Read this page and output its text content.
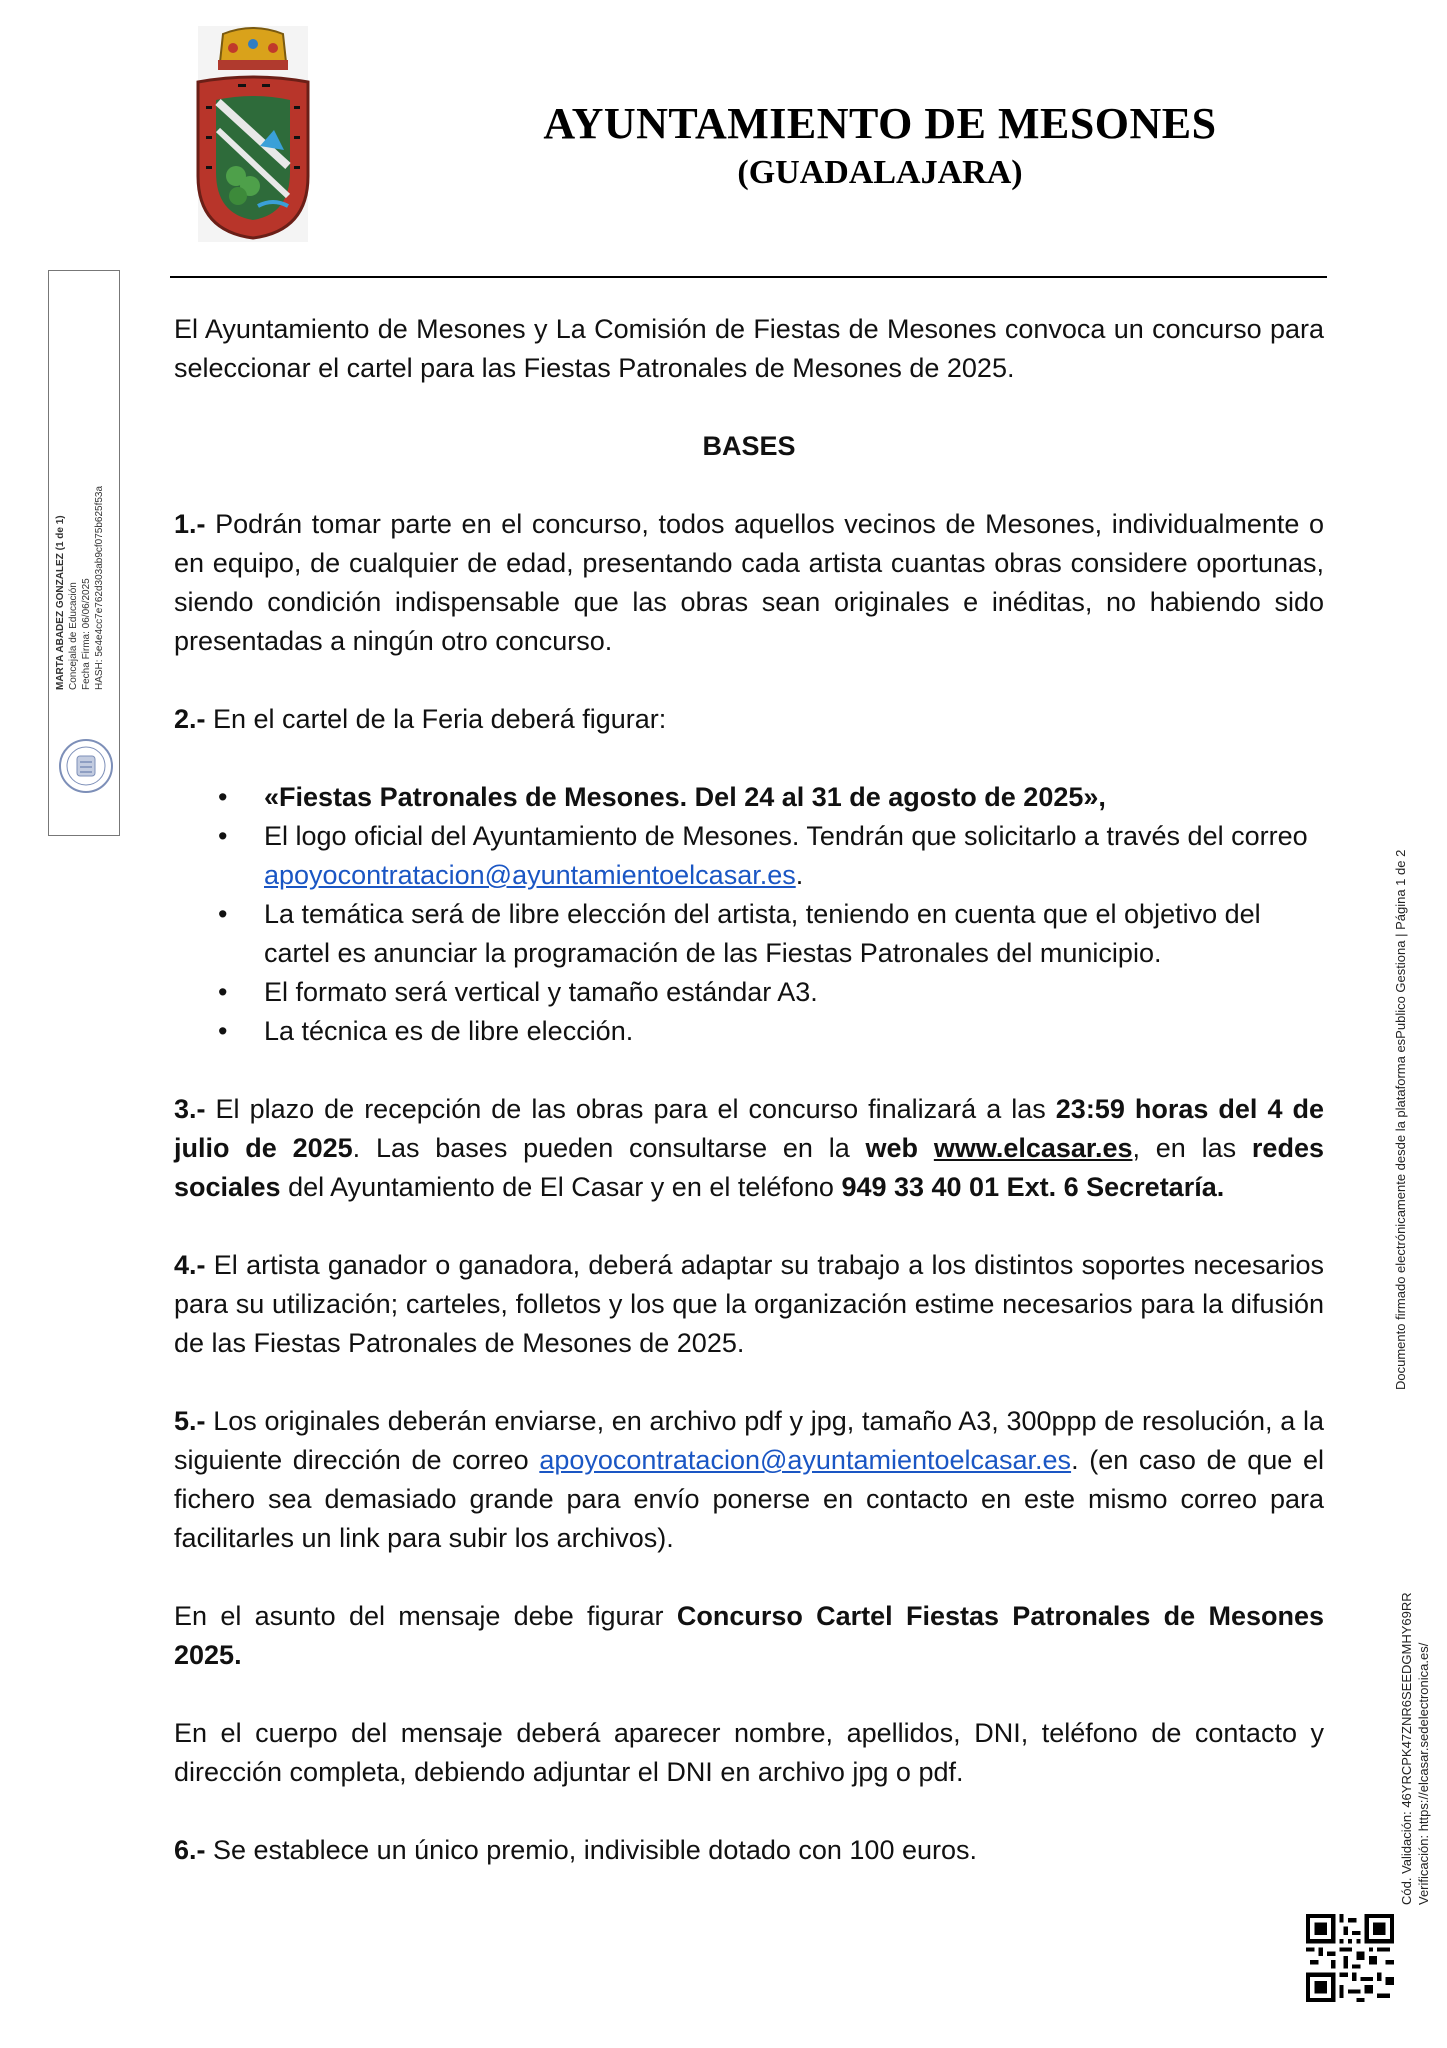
AYUNTAMIENTO DE MESONES
(GUADALAJARA)
MARTA ABADEZ GONZALEZ (1 de 1) Concejala de Educación Fecha Firma: 06/06/2025 HASH: 5e4e4cc7e762d303ab9cf075b625f53a

El Ayuntamiento de Mesones y La Comisión de Fiestas de Mesones convoca un concurso para seleccionar el cartel para las Fiestas Patronales de Mesones de 2025.

BASES

1.- Podrán tomar parte en el concurso, todos aquellos vecinos de Mesones, individualmente o en equipo, de cualquier de edad, presentando cada artista cuantas obras considere oportunas, siendo condición indispensable que las obras sean originales e inéditas, no habiendo sido presentadas a ningún otro concurso.

2.- En el cartel de la Feria deberá figurar:

• «Fiestas Patronales de Mesones. Del 24 al 31 de agosto de 2025»,
• El logo oficial del Ayuntamiento de Mesones. Tendrán que solicitarlo a través del correo apoyocontratacion@ayuntamientoelcasar.es.
• La temática será de libre elección del artista, teniendo en cuenta que el objetivo del cartel es anunciar la programación de las Fiestas Patronales del municipio.
• El formato será vertical y tamaño estándar A3.
• La técnica es de libre elección.

3.- El plazo de recepción de las obras para el concurso finalizará a las 23:59 horas del 4 de julio de 2025. Las bases pueden consultarse en la web www.elcasar.es, en las redes sociales del Ayuntamiento de El Casar y en el teléfono 949 33 40 01 Ext. 6 Secretaría.

4.- El artista ganador o ganadora, deberá adaptar su trabajo a los distintos soportes necesarios para su utilización; carteles, folletos y los que la organización estime necesarios para la difusión de las Fiestas Patronales de Mesones de 2025.

5.- Los originales deberán enviarse, en archivo pdf y jpg, tamaño A3, 300ppp de resolución, a la siguiente dirección de correo apoyocontratacion@ayuntamientoelcasar.es. (en caso de que el fichero sea demasiado grande para envío ponerse en contacto en este mismo correo para facilitarles un link para subir los archivos).

En el asunto del mensaje debe figurar Concurso Cartel Fiestas Patronales de Mesones 2025.

En el cuerpo del mensaje deberá aparecer nombre, apellidos, DNI, teléfono de contacto y dirección completa, debiendo adjuntar el DNI en archivo jpg o pdf.

6.- Se establece un único premio, indivisible dotado con 100 euros.

Documento firmado electrónicamente desde la plataforma esPublico Gestiona | Página 1 de 2
Cód. Validación: 46YRCPK47ZNR6SEEDGMHY69RR Verificación: https://elcasar.sedelectronica.es/
